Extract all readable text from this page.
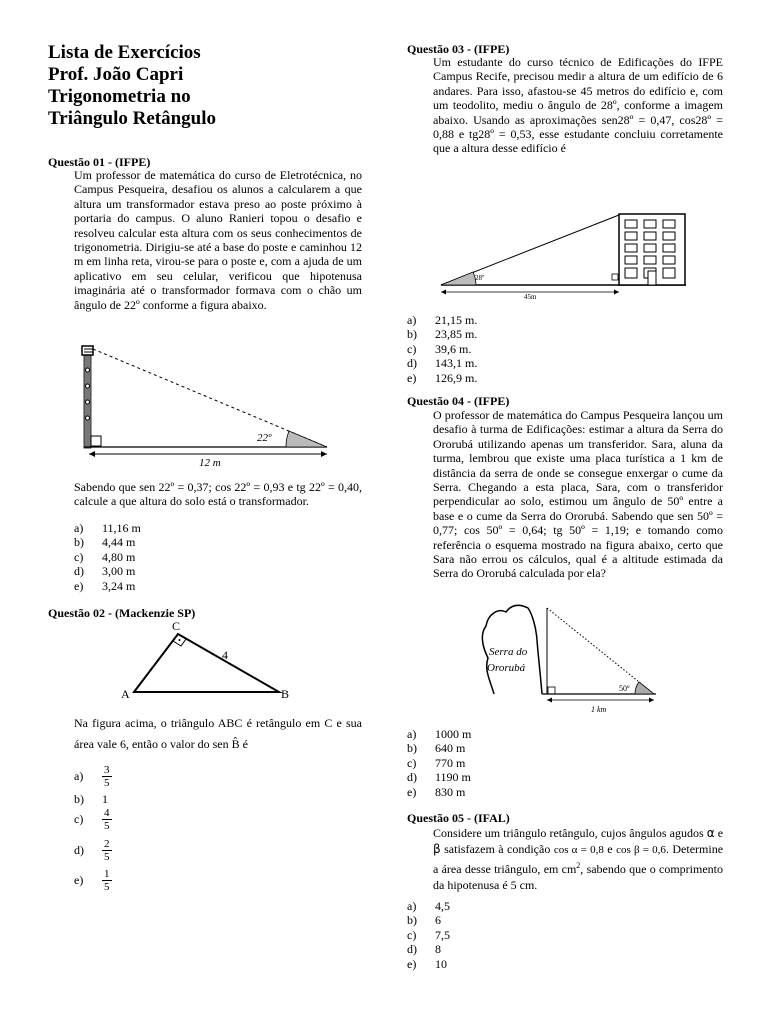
Lista de Exercícios
Prof. João Capri
Trigonometria no
Triângulo Retângulo
Questão 01 - (IFPE)
Um professor de matemática do curso de Eletrotécnica, no Campus Pesqueira, desafiou os alunos a calcularem a que altura um transformador estava preso ao poste próximo à portaria do campus. O aluno Ranieri topou o desafio e resolveu calcular esta altura com os seus conhecimentos de trigonometria. Dirigiu-se até a base do poste e caminhou 12 m em linha reta, virou-se para o poste e, com a ajuda de um aplicativo em seu celular, verificou que hipotenusa imaginária até o transformador formava com o chão um ângulo de 22º conforme a figura abaixo.
22º
12 m
Sabendo que sen 22º = 0,37; cos 22º = 0,93 e tg 22º = 0,40, calcule a que altura do solo está o transformador.
a)	11,16 m
b)	4,44 m
c)	4,80 m
d)	3,00 m
e)	3,24 m
Questão 02 - (Mackenzie SP)
A
C
B
4
Na figura acima, o triângulo ABC é retângulo em C e sua área vale 6, então o valor do sen B̂ é
a)	$\frac{3}{5}$
b)	1
c)	$\frac{4}{5}$
d)	$\frac{2}{5}$
e)	$\frac{1}{5}$
Questão 03 - (IFPE)
Um estudante do curso técnico de Edificações do IFPE Campus Recife, precisou medir a altura de um edifício de 6 andares. Para isso, afastou-se 45 metros do edifício e, com um teodolito, mediu o ângulo de 28º, conforme a imagem abaixo. Usando as aproximações sen28º = 0,47, cos28º = 0,88 e tg28º = 0,53, esse estudante concluiu corretamente que a altura desse edifício é
28º
45m
a)	21,15 m.
b)	23,85 m.
c)	39,6 m.
d)	143,1 m.
e)	126,9 m.
Questão 04 - (IFPE)
O professor de matemática do Campus Pesqueira lançou um desafio à turma de Edificações: estimar a altura da Serra do Ororubá utilizando apenas um transferidor. Sara, aluna da turma, lembrou que existe uma placa turística a 1 km de distância da serra de onde se consegue enxergar o cume da Serra. Chegando a esta placa, Sara, com o transferidor perpendicular ao solo, estimou um ângulo de 50º entre a base e o cume da Serra do Ororubá. Sabendo que sen 50º = 0,77; cos 50º = 0,64; tg 50º = 1,19; e tomando como referência o esquema mostrado na figura abaixo, certo que Sara não errou os cálculos, qual é a altitude estimada da Serra do Ororubá calculada por ela?
Serra do
Ororubá
50º
1 km
a)	1000 m
b)	640 m
c)	770 m
d)	1190 m
e)	830 m
Questão 05 - (IFAL)
Considere um triângulo retângulo, cujos ângulos agudos α e β satisfazem à condição cos α = 0,8 e cos β = 0,6. Determine a área desse triângulo, em $cm^2$, sabendo que o comprimento da hipotenusa é 5 cm.
a)	4,5
b)	6
c)	7,5
d)	8
e)	10
